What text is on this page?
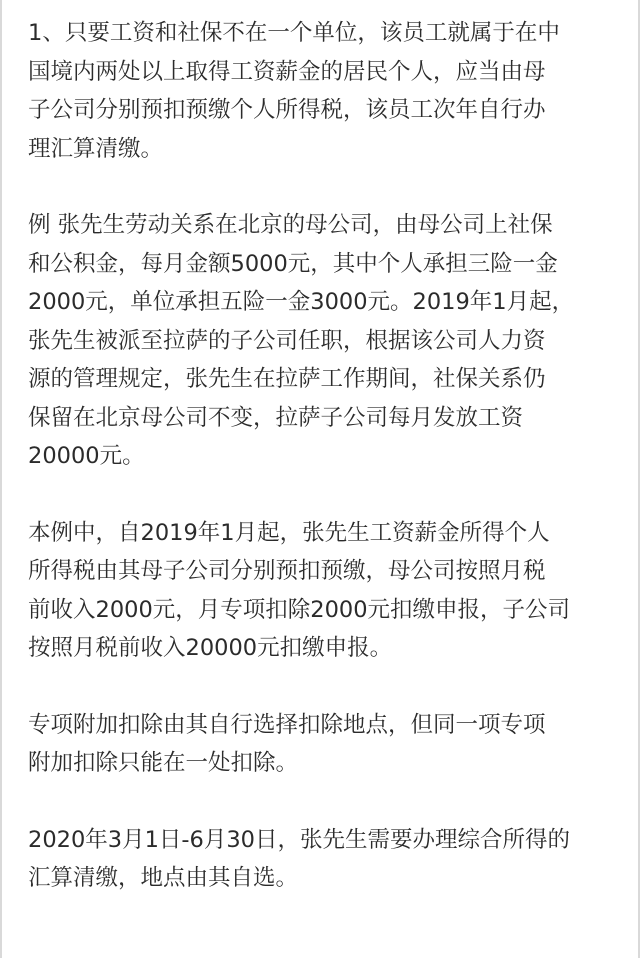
1、只要工资和社保不在一个单位，该员工就属于在中
国境内两处以上取得工资薪金的居民个人，应当由母
子公司分别预扣预缴个人所得税，该员工次年自行办
理汇算清缴。

例 张先生劳动关系在北京的母公司，由母公司上社保
和公积金，每月金额5000元，其中个人承担三险一金
2000元，单位承担五险一金3000元。2019年1月起，
张先生被派至拉萨的子公司任职，根据该公司人力资
源的管理规定，张先生在拉萨工作期间，社保关系仍
保留在北京母公司不变，拉萨子公司每月发放工资
20000元。

本例中，自2019年1月起，张先生工资薪金所得个人
所得税由其母子公司分别预扣预缴，母公司按照月税
前收入2000元，月专项扣除2000元扣缴申报，子公司
按照月税前收入20000元扣缴申报。

专项附加扣除由其自行选择扣除地点，但同一项专项
附加扣除只能在一处扣除。

2020年3月1日-6月30日，张先生需要办理综合所得的
汇算清缴，地点由其自选。
